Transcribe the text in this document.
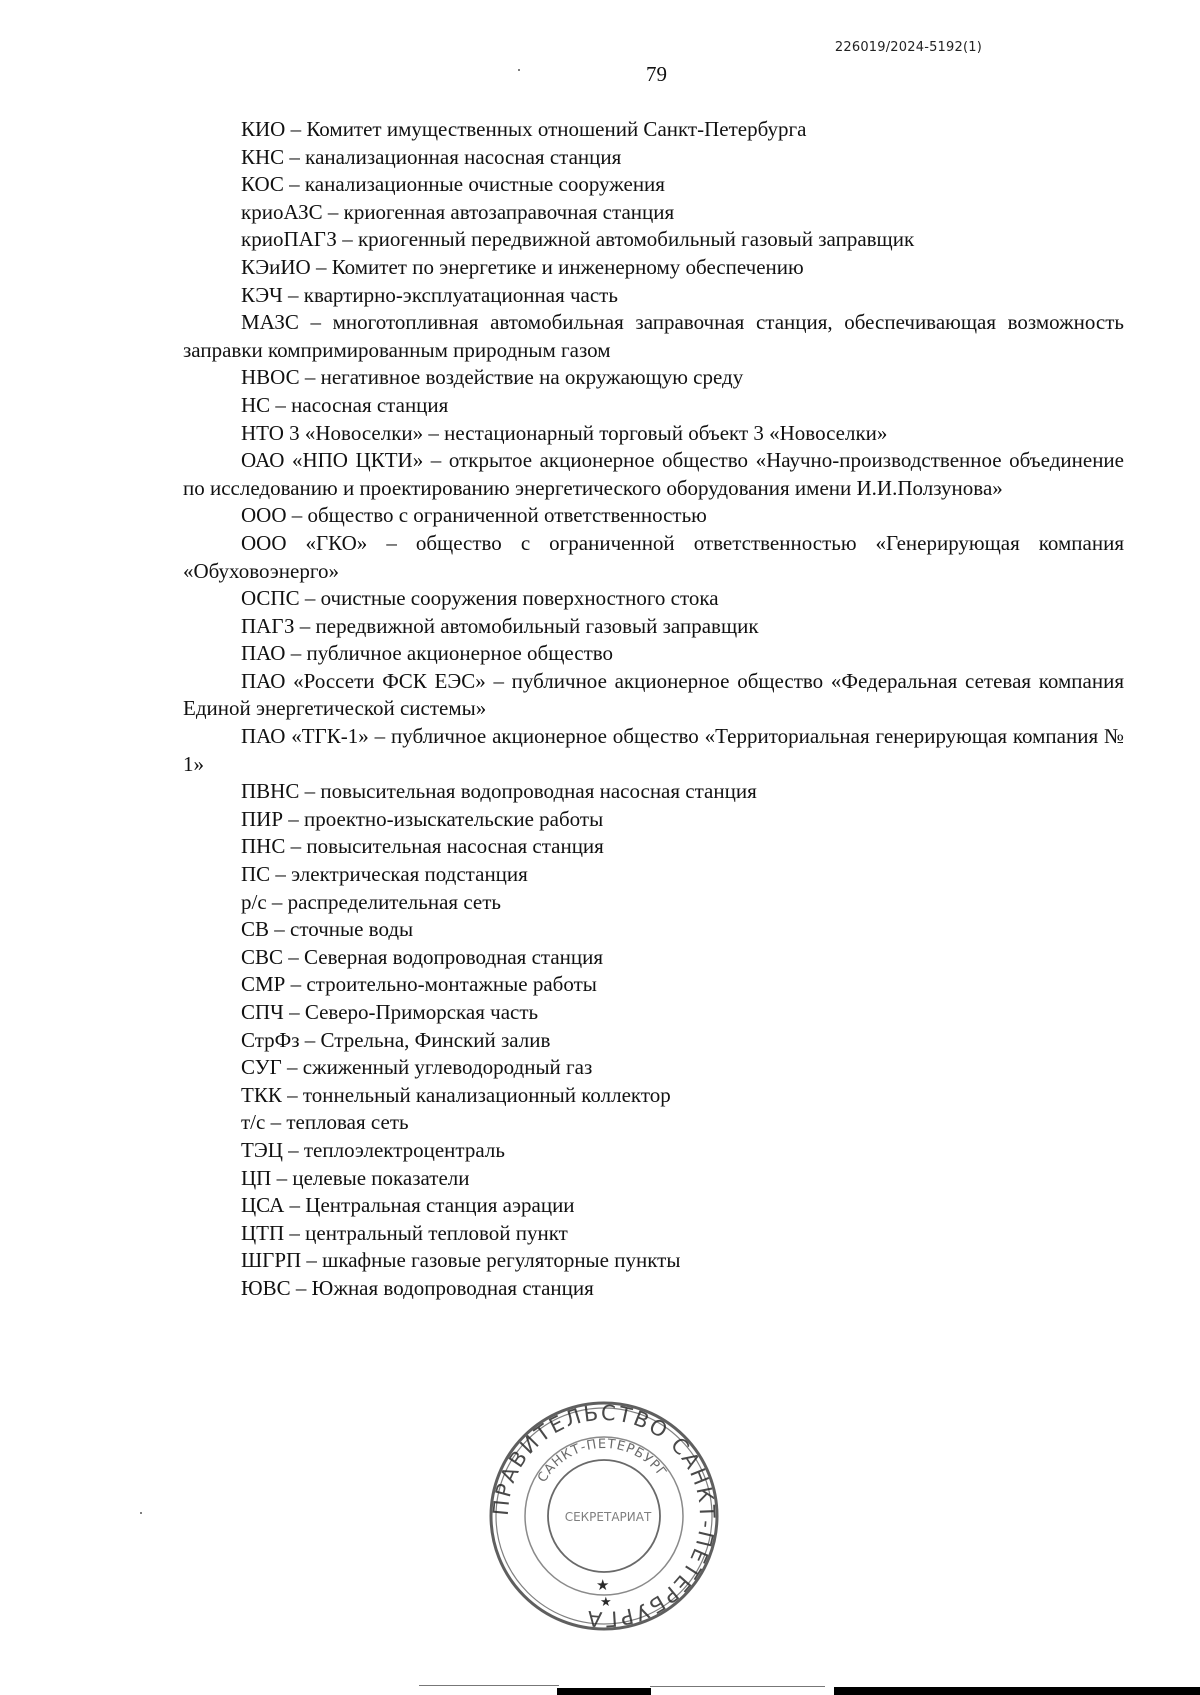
226019/2024-5192(1)
79

КИО – Комитет имущественных отношений Санкт-Петербурга

КНС – канализационная насосная станция

КОС – канализационные очистные сооружения

криоАЗС – криогенная автозаправочная станция

криоПАГЗ – криогенный передвижной автомобильный газовый заправщик

КЭиИО – Комитет по энергетике и инженерному обеспечению

КЭЧ – квартирно-эксплуатационная часть

МАЗС – многотопливная автомобильная заправочная станция, обеспечивающая возможность заправки компримированным природным газом

НВОС – негативное воздействие на окружающую среду

НС – насосная станция

НТО 3 «Новоселки» – нестационарный торговый объект 3 «Новоселки»

ОАО «НПО ЦКТИ» – открытое акционерное общество «Научно-производственное объединение по исследованию и проектированию энергетического оборудования имени И.И.Ползунова»

ООО – общество с ограниченной ответственностью

ООО «ГКО» – общество с ограниченной ответственностью «Генерирующая компания «Обуховоэнерго»

ОСПС – очистные сооружения поверхностного стока

ПАГЗ – передвижной автомобильный газовый заправщик

ПАО – публичное акционерное общество

ПАО «Россети ФСК ЕЭС» – публичное акционерное общество «Федеральная сетевая компания Единой энергетической системы»

ПАО «ТГК-1» – публичное акционерное общество «Территориальная генерирующая компания № 1»

ПВНС – повысительная водопроводная насосная станция

ПИР – проектно-изыскательские работы

ПНС – повысительная насосная станция

ПС – электрическая подстанция

р/с – распределительная сеть

СВ – сточные воды

СВС – Северная водопроводная станция

СМР – строительно-монтажные работы

СПЧ – Северо-Приморская часть

СтрФз – Стрельна, Финский залив

СУГ – сжиженный углеводородный газ

ТКК – тоннельный канализационный коллектор

т/с – тепловая сеть

ТЭЦ – теплоэлектроцентраль

ЦП – целевые показатели

ЦСА – Центральная станция аэрации

ЦТП – центральный тепловой пункт

ШГРП – шкафные газовые регуляторные пункты

ЮВС – Южная водопроводная станция

ПРАВИТЕЛЬСТВО САНКТ-ПЕТЕРБУРГА
САНКТ-ПЕТЕРБУРГ
СЕКРЕТАРИАТ
★
★
